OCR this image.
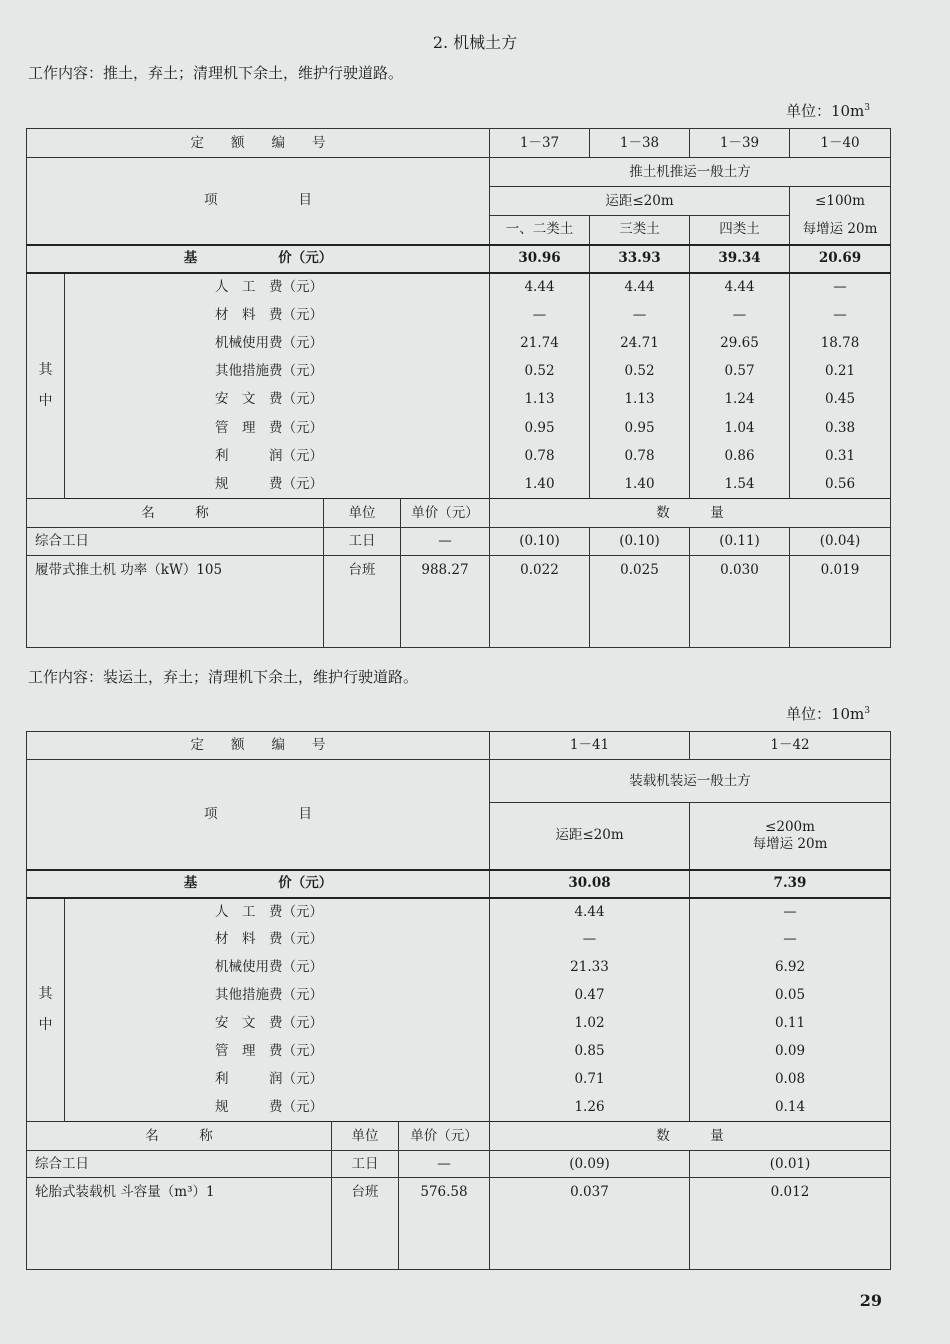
2. 机械土方
工作内容：推土，弃土；清理机下余土，维护行驶道路。
单位：$10m^3$
定　　额　　编　　号				1－37	1－38	1－39	1－40
项　　　　　　目				推土机推运一般土方			
				运距≤20m			≤100m
				一、二类土	三类土	四类土	每增运 20m
基　　　　　　价（元）				30.96	33.93	39.34	20.69
其
中	人　工　费（元）			4.44	4.44	4.44	—
	材　料　费（元）			—	—	—	—
	机械使用费（元）			21.74	24.71	29.65	18.78
	其他措施费（元）			0.52	0.52	0.57	0.21
	安　文　费（元）			1.13	1.13	1.24	0.45
	管　理　费（元）			0.95	0.95	1.04	0.38
	利　　　润（元）			0.78	0.78	0.86	0.31
	规　　　费（元）			1.40	1.40	1.54	0.56
名　　　称		单位	单价（元）	数　　　量			
综合工日		工日	—	(0.10)	(0.10)	(0.11)	(0.04)
履带式推土机 功率（kW）105		台班	988.27	0.022	0.025	0.030	0.019
工作内容：装运土，弃土；清理机下余土，维护行驶道路。
单位：$10m^3$
定　　额　　编　　号				1－41	1－42
项　　　　　　目				装载机装运一般土方	
				运距≤20m	≤200m
每增运 20m
基　　　　　　价（元）				30.08	7.39
其
中	人　工　费（元）			4.44	—
	材　料　费（元）			—	—
	机械使用费（元）			21.33	6.92
	其他措施费（元）			0.47	0.05
	安　文　费（元）			1.02	0.11
	管　理　费（元）			0.85	0.09
	利　　　润（元）			0.71	0.08
	规　　　费（元）			1.26	0.14
名　　　称		单位	单价（元）	数　　　量	
综合工日		工日	—	(0.09)	(0.01)
轮胎式装载机 斗容量（m³）1		台班	576.58	0.037	0.012
29
